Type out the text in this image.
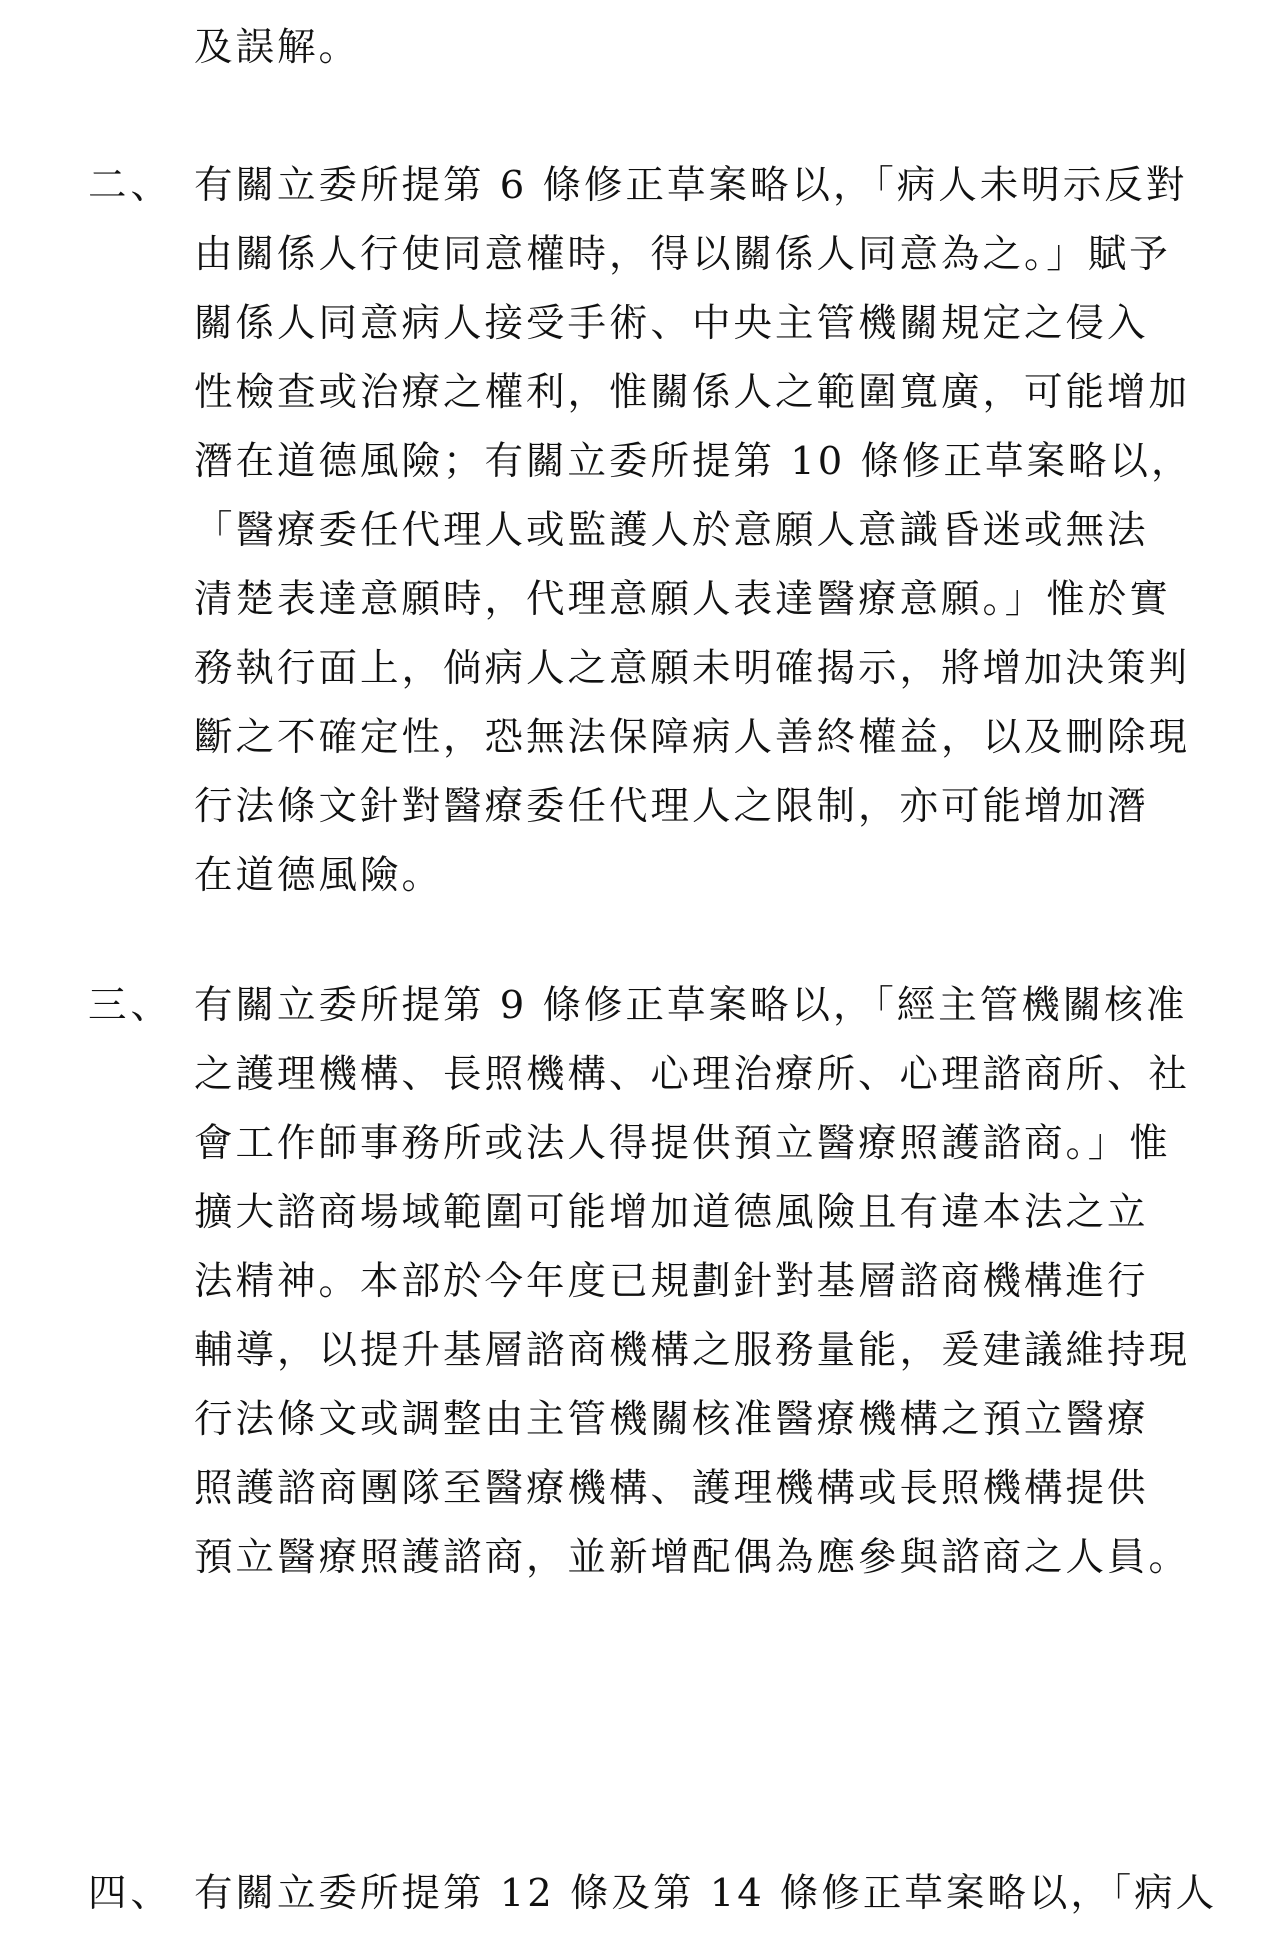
及誤解。
二、 有關立委所提第 6 條修正草案略以，「病人未明示反對
由關係人行使同意權時，得以關係人同意為之。」賦予
關係人同意病人接受手術、中央主管機關規定之侵入
性檢查或治療之權利，惟關係人之範圍寬廣，可能增加
潛在道德風險；有關立委所提第 10 條修正草案略以，
「醫療委任代理人或監護人於意願人意識昏迷或無法
清楚表達意願時，代理意願人表達醫療意願。」惟於實
務執行面上，倘病人之意願未明確揭示，將增加決策判
斷之不確定性，恐無法保障病人善終權益，以及刪除現
行法條文針對醫療委任代理人之限制，亦可能增加潛
在道德風險。
三、 有關立委所提第 9 條修正草案略以，「經主管機關核准
之護理機構、長照機構、心理治療所、心理諮商所、社
會工作師事務所或法人得提供預立醫療照護諮商。」惟
擴大諮商場域範圍可能增加道德風險且有違本法之立
法精神。本部於今年度已規劃針對基層諮商機構進行
輔導，以提升基層諮商機構之服務量能，爰建議維持現
行法條文或調整由主管機關核准醫療機構之預立醫療
照護諮商團隊至醫療機構、護理機構或長照機構提供
預立醫療照護諮商，並新增配偶為應參與諮商之人員。
四、 有關立委所提第 12 條及第 14 條修正草案略以，「病人
